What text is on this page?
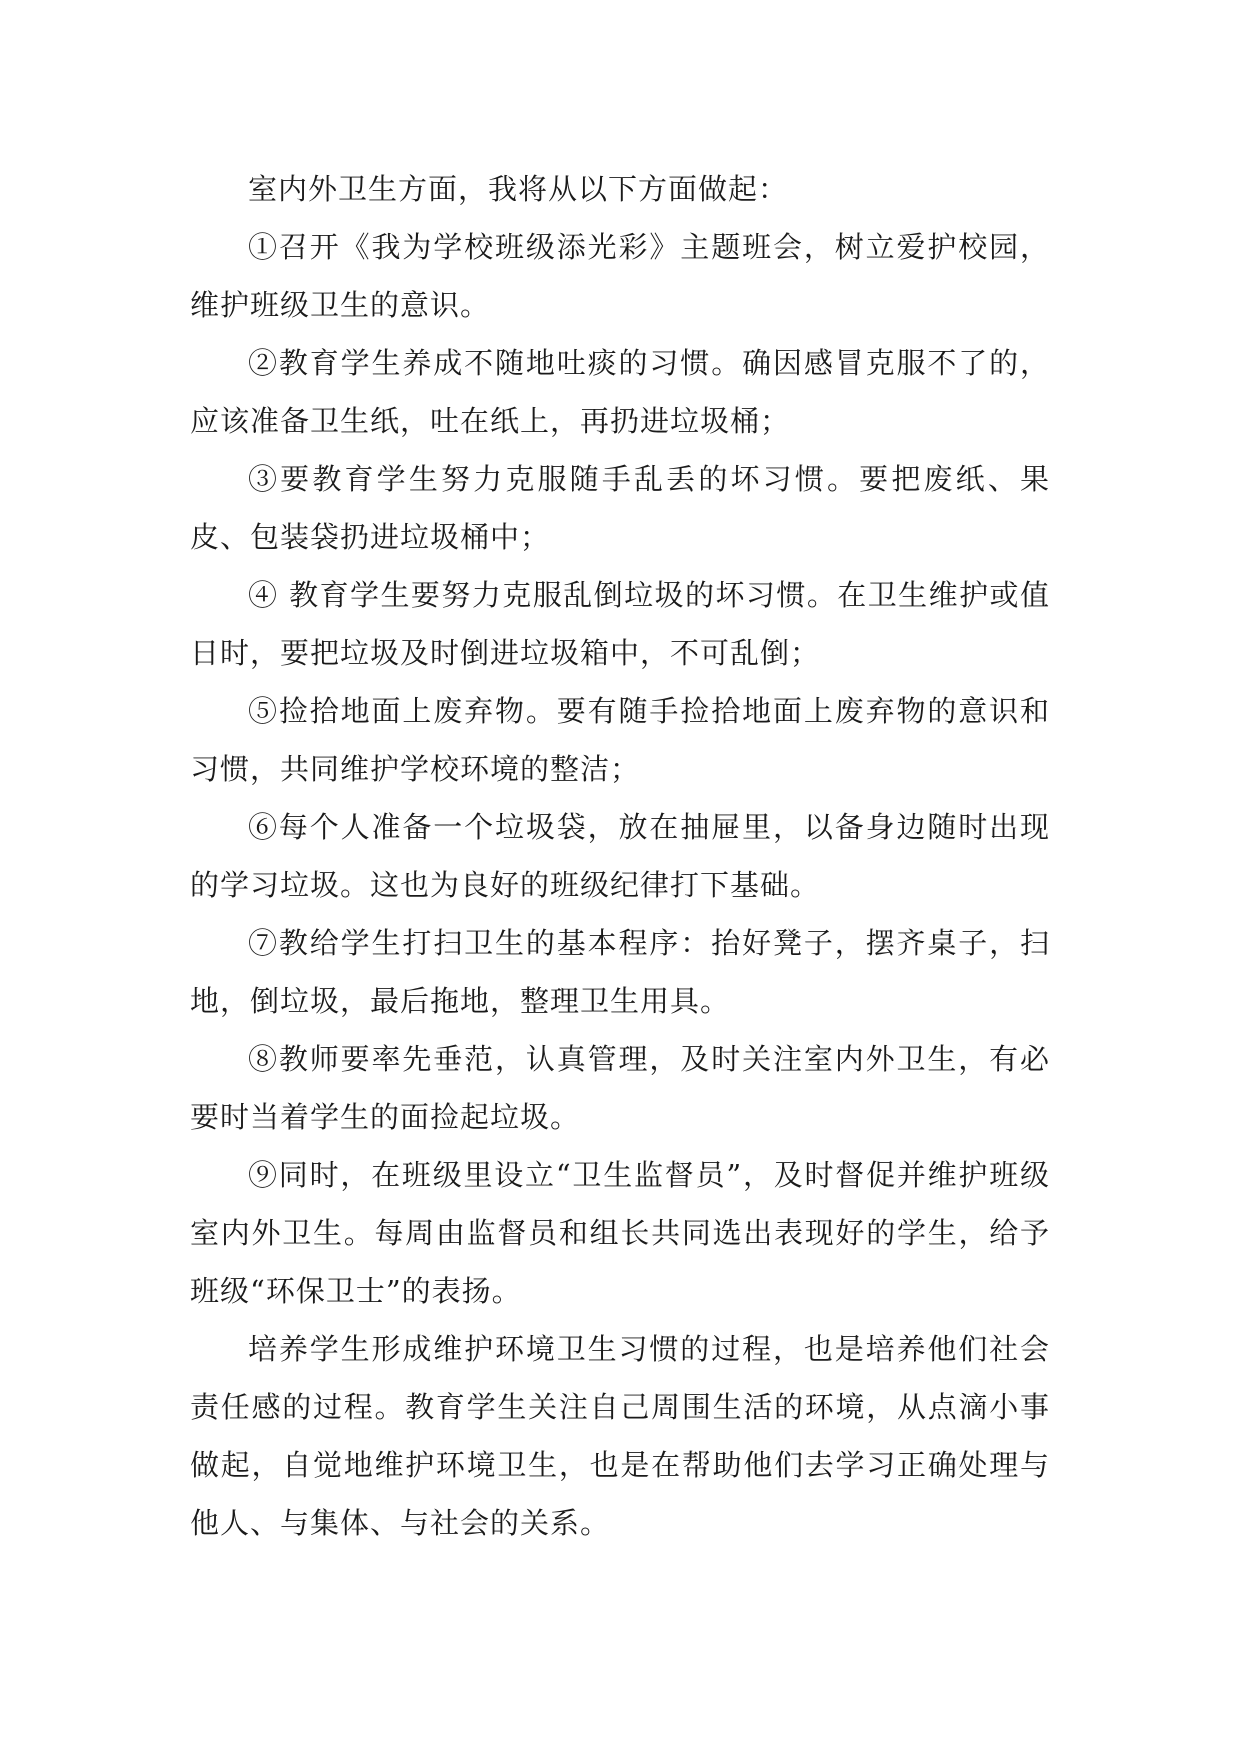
室内外卫生方面，我将从以下方面做起：

①召开《我为学校班级添光彩》主题班会，树立爱护校园，维护班级卫生的意识。

②教育学生养成不随地吐痰的习惯。确因感冒克服不了的，应该准备卫生纸，吐在纸上，再扔进垃圾桶；

③要教育学生努力克服随手乱丢的坏习惯。要把废纸、果皮、包装袋扔进垃圾桶中；

④ 教育学生要努力克服乱倒垃圾的坏习惯。在卫生维护或值日时，要把垃圾及时倒进垃圾箱中，不可乱倒；

⑤捡拾地面上废弃物。要有随手捡拾地面上废弃物的意识和习惯，共同维护学校环境的整洁；

⑥每个人准备一个垃圾袋，放在抽屉里，以备身边随时出现的学习垃圾。这也为良好的班级纪律打下基础。

⑦教给学生打扫卫生的基本程序：抬好凳子，摆齐桌子，扫地，倒垃圾，最后拖地，整理卫生用具。

⑧教师要率先垂范，认真管理，及时关注室内外卫生，有必要时当着学生的面捡起垃圾。

⑨同时，在班级里设立“卫生监督员”，及时督促并维护班级室内外卫生。每周由监督员和组长共同选出表现好的学生，给予班级“环保卫士”的表扬。

培养学生形成维护环境卫生习惯的过程，也是培养他们社会责任感的过程。教育学生关注自己周围生活的环境，从点滴小事做起，自觉地维护环境卫生，也是在帮助他们去学习正确处理与他人、与集体、与社会的关系。
